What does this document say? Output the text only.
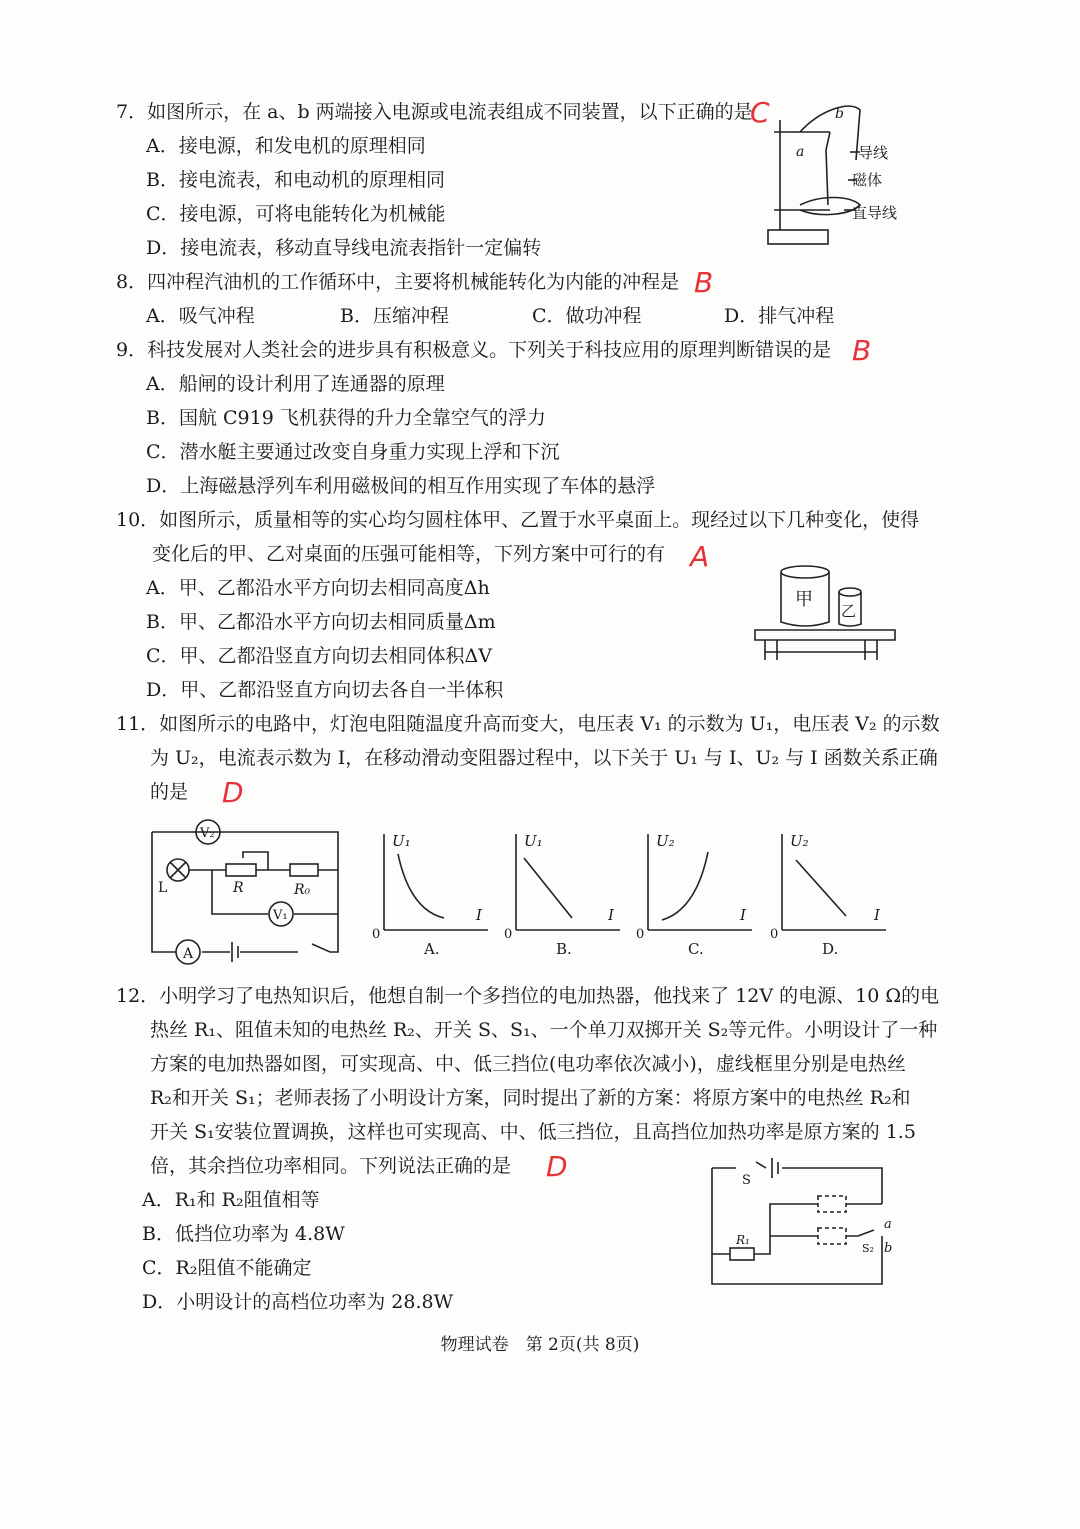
7．如图所示，在 a、b 两端接入电源或电流表组成不同装置，以下正确的是
C
A．接电源，和发电机的原理相同
B．接电流表，和电动机的原理相同
C．接电源，可将电能转化为机械能
D．接电流表，移动直导线电流表指针一定偏转
a
b
导线
磁体
直导线
8．四冲程汽油机的工作循环中，主要将机械能转化为内能的冲程是 B
A．吸气冲程	B．压缩冲程	C．做功冲程	D．排气冲程
9．科技发展对人类社会的进步具有积极意义。下列关于科技应用的原理判断错误的是 B
A．船闸的设计利用了连通器的原理
B．国航 C919 飞机获得的升力全靠空气的浮力
C．潜水艇主要通过改变自身重力实现上浮和下沉
D．上海磁悬浮列车利用磁极间的相互作用实现了车体的悬浮
10．如图所示，质量相等的实心均匀圆柱体甲、乙置于水平桌面上。现经过以下几种变化，使得
变化后的甲、乙对桌面的压强可能相等，下列方案中可行的有 A
A．甲、乙都沿水平方向切去相同高度Δh
B．甲、乙都沿水平方向切去相同质量Δm
C．甲、乙都沿竖直方向切去相同体积ΔV
D．甲、乙都沿竖直方向切去各自一半体积
甲
乙
11．如图所示的电路中，灯泡电阻随温度升高而变大，电压表 V₁ 的示数为 U₁，电压表 V₂ 的示数
为 U₂，电流表示数为 I，在移动滑动变阻器过程中，以下关于 U₁ 与 I、U₂ 与 I 函数关系正确
的是 D
V₂
A
L	R	R₀
V₁
U₁
I
0
A.
U₁
I
0
B.
U₂
I
0
C.
U₂
I
0
D.
12．小明学习了电热知识后，他想自制一个多挡位的电加热器，他找来了 12V 的电源、10 Ω的电
热丝 R₁、阻值未知的电热丝 R₂、开关 S、S₁、一个单刀双掷开关 S₂等元件。小明设计了一种
方案的电加热器如图，可实现高、中、低三挡位(电功率依次减小)，虚线框里分别是电热丝
R₂和开关 S₁；老师表扬了小明设计方案，同时提出了新的方案：将原方案中的电热丝 R₂和
开关 S₁安装位置调换，这样也可实现高、中、低三挡位，且高挡位加热功率是原方案的 1.5
倍，其余挡位功率相同。下列说法正确的是 D
A．R₁和 R₂阻值相等
B．低挡位功率为 4.8W
C．R₂阻值不能确定
D．小明设计的高档位功率为 28.8W
S
R₁
a
b
S₂
物理试卷　第 2页(共 8页)
